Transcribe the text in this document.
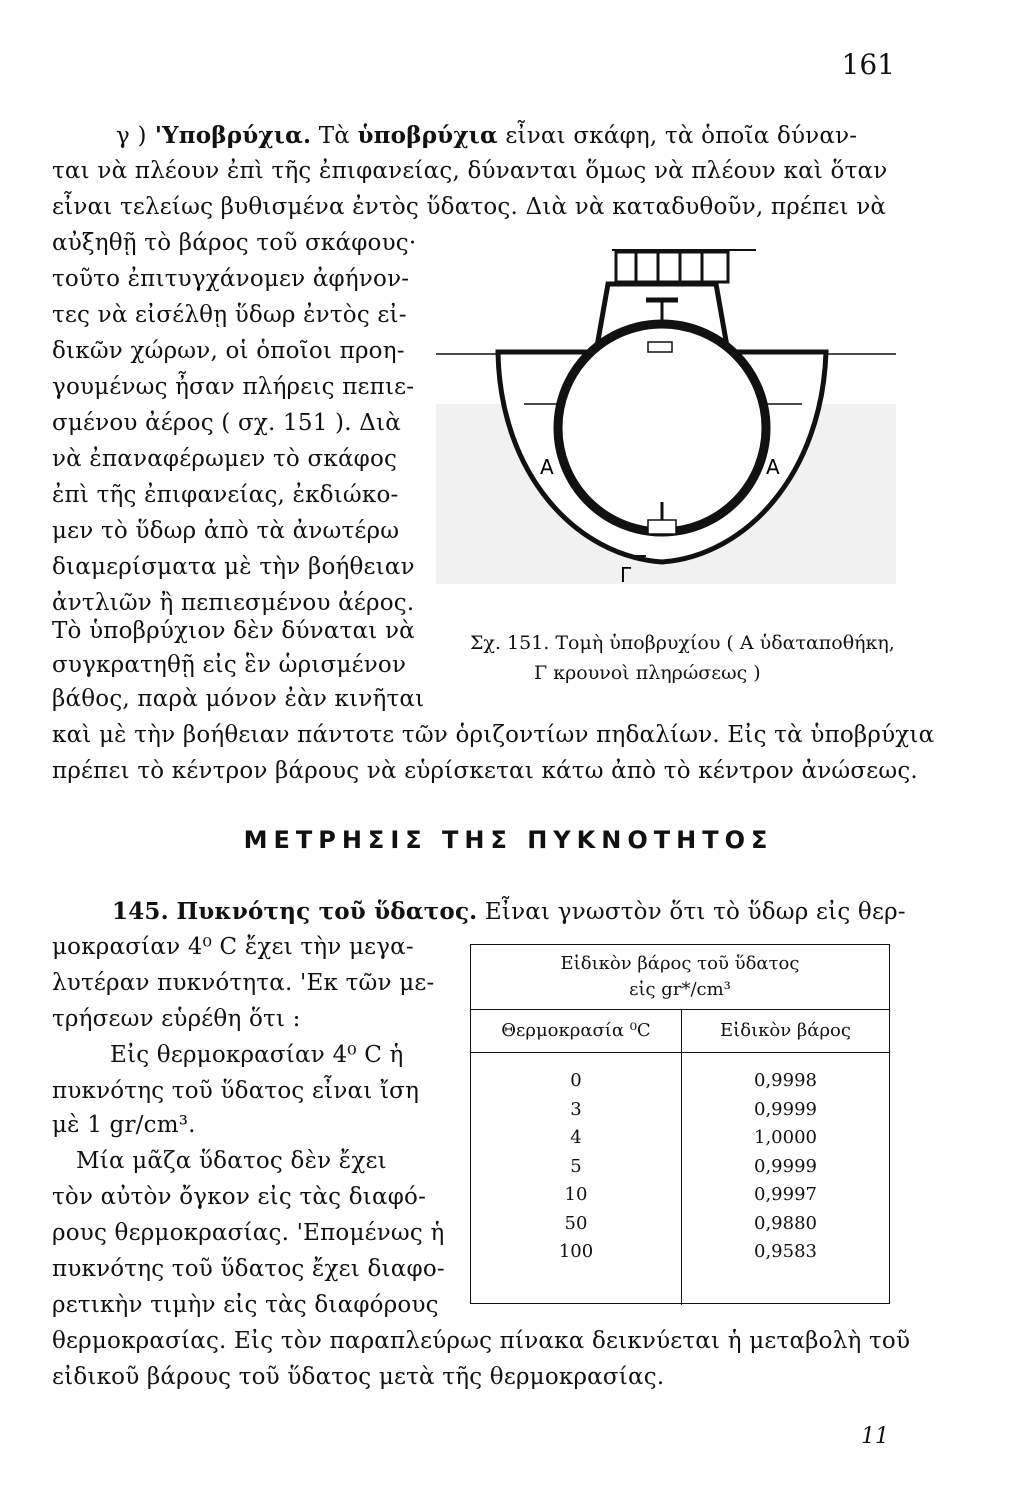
161
γ ) 'Υποβρύχια. Τὰ ὑποβρύχια εἶναι σκάφη, τὰ ὁποῖα δύναν-
ται νὰ πλέουν ἐπὶ τῆς ἐπιφανείας, δύνανται ὅμως νὰ πλέουν καὶ ὅταν
εἶναι τελείως βυθισμένα ἐντὸς ὕδατος. Διὰ νὰ καταδυθοῦν, πρέπει νὰ
αὐξηθῇ τὸ βάρος τοῦ σκάφους·
τοῦτο ἐπιτυγχάνομεν ἀφήνον-
τες νὰ εἰσέλθῃ ὕδωρ ἐντὸς εἰ-
δικῶν χώρων, οἱ ὁποῖοι προη-
γουμένως ἦσαν πλήρεις πεπιε-
σμένου ἀέρος ( σχ. 151 ). Διὰ
νὰ ἐπαναφέρωμεν τὸ σκάφος
ἐπὶ τῆς ἐπιφανείας, ἐκδιώκο-
μεν τὸ ὕδωρ ἀπὸ τὰ ἀνωτέρω
διαμερίσματα μὲ τὴν βοήθειαν
ἀντλιῶν ἢ πεπιεσμένου ἀέρος.
Τὸ ὑποβρύχιον δὲν δύναται νὰ
συγκρατηθῇ εἰς ἓν ὡρισμένον
βάθος, παρὰ μόνον ἐὰν κινῆται
καὶ μὲ τὴν βοήθειαν πάντοτε τῶν ὁριζοντίων πηδαλίων. Εἰς τὰ ὑποβρύχια
πρέπει τὸ κέντρον βάρους νὰ εὑρίσκεται κάτω ἀπὸ τὸ κέντρον ἀνώσεως.
A	A
Γ
Σχ. 151. Τομὴ ὑποβρυχίου ( Α ὑδαταποθήκη,
Γ κρουνοὶ πληρώσεως )
ΜΕΤΡΗΣΙΣ ΤΗΣ ΠΥΚΝΟΤΗΤΟΣ
145. Πυκνότης τοῦ ὕδατος. Εἶναι γνωστὸν ὅτι τὸ ὕδωρ εἰς θερ-
μοκρασίαν 4⁰ C ἔχει τὴν μεγα-
λυτέραν πυκνότητα. 'Εκ τῶν με-
τρήσεων εὑρέθη ὅτι :
Εἰς θερμοκρασίαν 4⁰ C ἡ
πυκνότης τοῦ ὕδατος εἶναι ἴση
μὲ 1 gr/cm³.
Μία μᾶζα ὕδατος δὲν ἔχει
τὸν αὐτὸν ὄγκον εἰς τὰς διαφό-
ρους θερμοκρασίας. 'Επομένως ἡ
πυκνότης τοῦ ὕδατος ἔχει διαφο-
ρετικὴν τιμὴν εἰς τὰς διαφόρους
θερμοκρασίας. Εἰς τὸν παραπλεύρως πίνακα δεικνύεται ἡ μεταβολὴ τοῦ
εἰδικοῦ βάρους τοῦ ὕδατος μετὰ τῆς θερμοκρασίας.
Εἰδικὸν βάρος τοῦ ὕδατος
εἰς gr*/cm³
Θερμοκρασία ⁰C	Εἰδικὸν βάρος
0
3
4
5
10
50
100
0,9998
0,9999
1,0000
0,9999
0,9997
0,9880
0,9583
11
